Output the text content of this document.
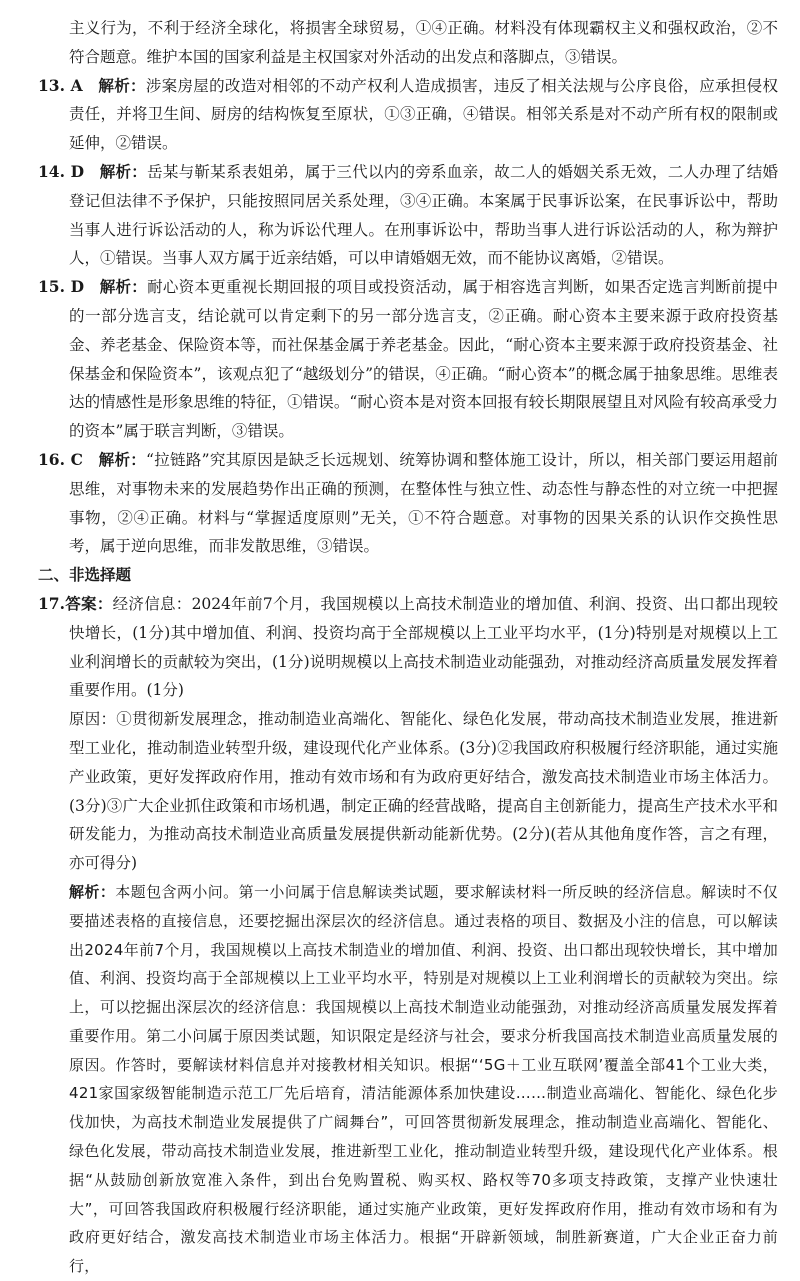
主义行为，不利于经济全球化，将损害全球贸易，①④正确。材料没有体现霸权主义和强权政治，②不符合题意。维护本国的国家利益是主权国家对外活动的出发点和落脚点，③错误。

13. A 解析：涉案房屋的改造对相邻的不动产权利人造成损害，违反了相关法规与公序良俗，应承担侵权责任，并将卫生间、厨房的结构恢复至原状，①③正确，④错误。相邻关系是对不动产所有权的限制或延伸，②错误。

14. D 解析：岳某与靳某系表姐弟，属于三代以内的旁系血亲，故二人的婚姻关系无效，二人办理了结婚登记但法律不予保护，只能按照同居关系处理，③④正确。本案属于民事诉讼案，在民事诉讼中，帮助当事人进行诉讼活动的人，称为诉讼代理人。在刑事诉讼中，帮助当事人进行诉讼活动的人，称为辩护人，①错误。当事人双方属于近亲结婚，可以申请婚姻无效，而不能协议离婚，②错误。

15. D 解析：耐心资本更重视长期回报的项目或投资活动，属于相容选言判断，如果否定选言判断前提中的一部分选言支，结论就可以肯定剩下的另一部分选言支，②正确。耐心资本主要来源于政府投资基金、养老基金、保险资本等，而社保基金属于养老基金。因此，“耐心资本主要来源于政府投资基金、社保基金和保险资本”，该观点犯了“越级划分”的错误，④正确。“耐心资本”的概念属于抽象思维。思维表达的情感性是形象思维的特征，①错误。“耐心资本是对资本回报有较长期限展望且对风险有较高承受力的资本”属于联言判断，③错误。

16. C 解析：“拉链路”究其原因是缺乏长远规划、统筹协调和整体施工设计，所以，相关部门要运用超前思维，对事物未来的发展趋势作出正确的预测，在整体性与独立性、动态性与静态性的对立统一中把握事物，②④正确。材料与“掌握适度原则”无关，①不符合题意。对事物的因果关系的认识作交换性思考，属于逆向思维，而非发散思维，③错误。

二、非选择题

17.答案：经济信息：2024年前7个月，我国规模以上高技术制造业的增加值、利润、投资、出口都出现较快增长，(1分)其中增加值、利润、投资均高于全部规模以上工业平均水平，(1分)特别是对规模以上工业利润增长的贡献较为突出，(1分)说明规模以上高技术制造业动能强劲，对推动经济高质量发展发挥着重要作用。(1分)

原因：①贯彻新发展理念，推动制造业高端化、智能化、绿色化发展，带动高技术制造业发展，推进新型工业化，推动制造业转型升级，建设现代化产业体系。(3分)②我国政府积极履行经济职能，通过实施产业政策，更好发挥政府作用，推动有效市场和有为政府更好结合，激发高技术制造业市场主体活力。(3分)③广大企业抓住政策和市场机遇，制定正确的经营战略，提高自主创新能力，提高生产技术水平和研发能力，为推动高技术制造业高质量发展提供新动能新优势。(2分)(若从其他角度作答，言之有理，亦可得分)

解析：本题包含两小问。第一小问属于信息解读类试题，要求解读材料一所反映的经济信息。解读时不仅要描述表格的直接信息，还要挖掘出深层次的经济信息。通过表格的项目、数据及小注的信息，可以解读出2024年前7个月，我国规模以上高技术制造业的增加值、利润、投资、出口都出现较快增长，其中增加值、利润、投资均高于全部规模以上工业平均水平，特别是对规模以上工业利润增长的贡献较为突出。综上，可以挖掘出深层次的经济信息：我国规模以上高技术制造业动能强劲，对推动经济高质量发展发挥着重要作用。第二小问属于原因类试题，知识限定是经济与社会，要求分析我国高技术制造业高质量发展的原因。作答时，要解读材料信息并对接教材相关知识。根据“‘5G＋工业互联网’覆盖全部41个工业大类，421家国家级智能制造示范工厂先后培育，清洁能源体系加快建设……制造业高端化、智能化、绿色化步伐加快，为高技术制造业发展提供了广阔舞台”，可回答贯彻新发展理念，推动制造业高端化、智能化、绿色化发展，带动高技术制造业发展，推进新型工业化，推动制造业转型升级，建设现代化产业体系。根据“从鼓励创新放宽准入条件，到出台免购置税、购买权、路权等70多项支持政策，支撑产业快速壮大”，可回答我国政府积极履行经济职能，通过实施产业政策，更好发挥政府作用，推动有效市场和有为政府更好结合，激发高技术制造业市场主体活力。根据“开辟新领域，制胜新赛道，广大企业正奋力前行，
